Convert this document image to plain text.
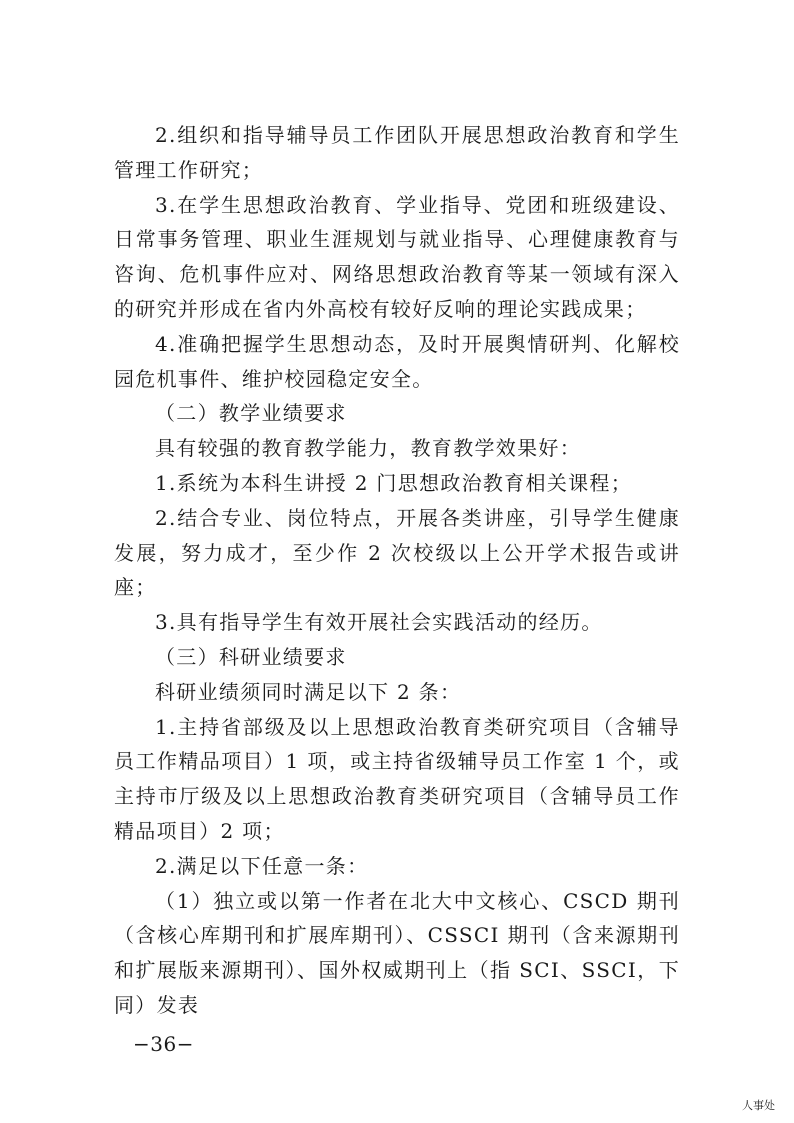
2.组织和指导辅导员工作团队开展思想政治教育和学生管理工作研究；

3.在学生思想政治教育、学业指导、党团和班级建设、日常事务管理、职业生涯规划与就业指导、心理健康教育与咨询、危机事件应对、网络思想政治教育等某一领域有深入的研究并形成在省内外高校有较好反响的理论实践成果；

4.准确把握学生思想动态，及时开展舆情研判、化解校园危机事件、维护校园稳定安全。

（二）教学业绩要求

具有较强的教育教学能力，教育教学效果好：

1.系统为本科生讲授 2 门思想政治教育相关课程；

2.结合专业、岗位特点，开展各类讲座，引导学生健康发展，努力成才，至少作 2 次校级以上公开学术报告或讲座；

3.具有指导学生有效开展社会实践活动的经历。

（三）科研业绩要求

科研业绩须同时满足以下 2 条：

1.主持省部级及以上思想政治教育类研究项目（含辅导员工作精品项目）1 项，或主持省级辅导员工作室 1 个，或主持市厅级及以上思想政治教育类研究项目（含辅导员工作精品项目）2 项；

2.满足以下任意一条：

（1）独立或以第一作者在北大中文核心、CSCD 期刊（含核心库期刊和扩展库期刊）、CSSCI 期刊（含来源期刊和扩展版来源期刊）、国外权威期刊上（指 SCI、SSCI，下同）发表

−36−
人事处
